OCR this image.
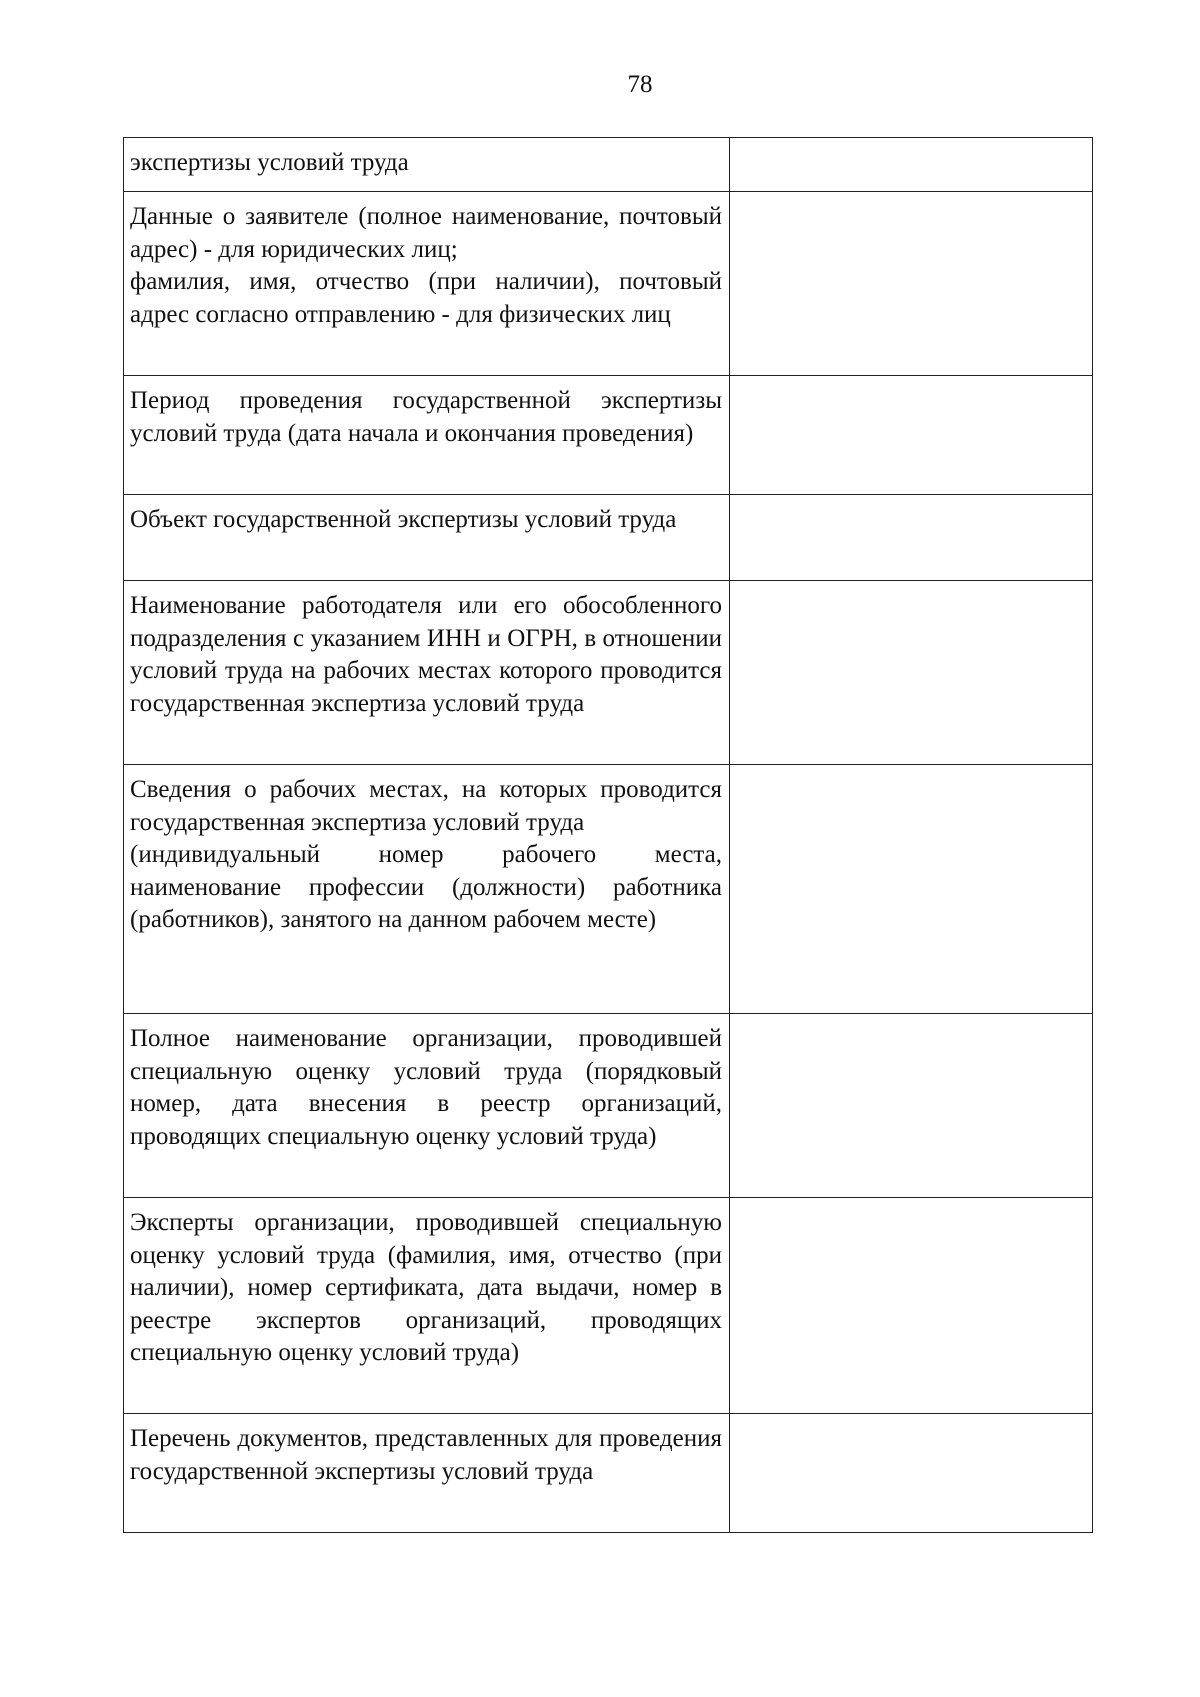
78
экспертизы условий труда	

Данные о заявителе (полное наименование, почтовый адрес) - для юридических лиц;
фамилия, имя, отчество (при наличии), почтовый адрес согласно отправлению - для физических лиц	

Период проведения государственной экспертизы условий труда (дата начала и окончания проведения)	

Объект государственной экспертизы условий труда	

Наименование работодателя или его обособленного подразделения с указанием ИНН и ОГРН, в отношении условий труда на рабочих местах которого проводится государственная экспертиза условий труда	

Сведения о рабочих местах, на которых проводится государственная экспертиза условий труда
(индивидуальный номер рабочего места, наименование профессии (должности) работника (работников), занятого на данном рабочем месте)	

Полное наименование организации, проводившей специальную оценку условий труда (порядковый номер, дата внесения в реестр организаций, проводящих специальную оценку условий труда)	

Эксперты организации, проводившей специальную оценку условий труда (фамилия, имя, отчество (при наличии), номер сертификата, дата выдачи, номер в реестре экспертов организаций, проводящих специальную оценку условий труда)	

Перечень документов, представленных для проведения государственной экспертизы условий труда	
